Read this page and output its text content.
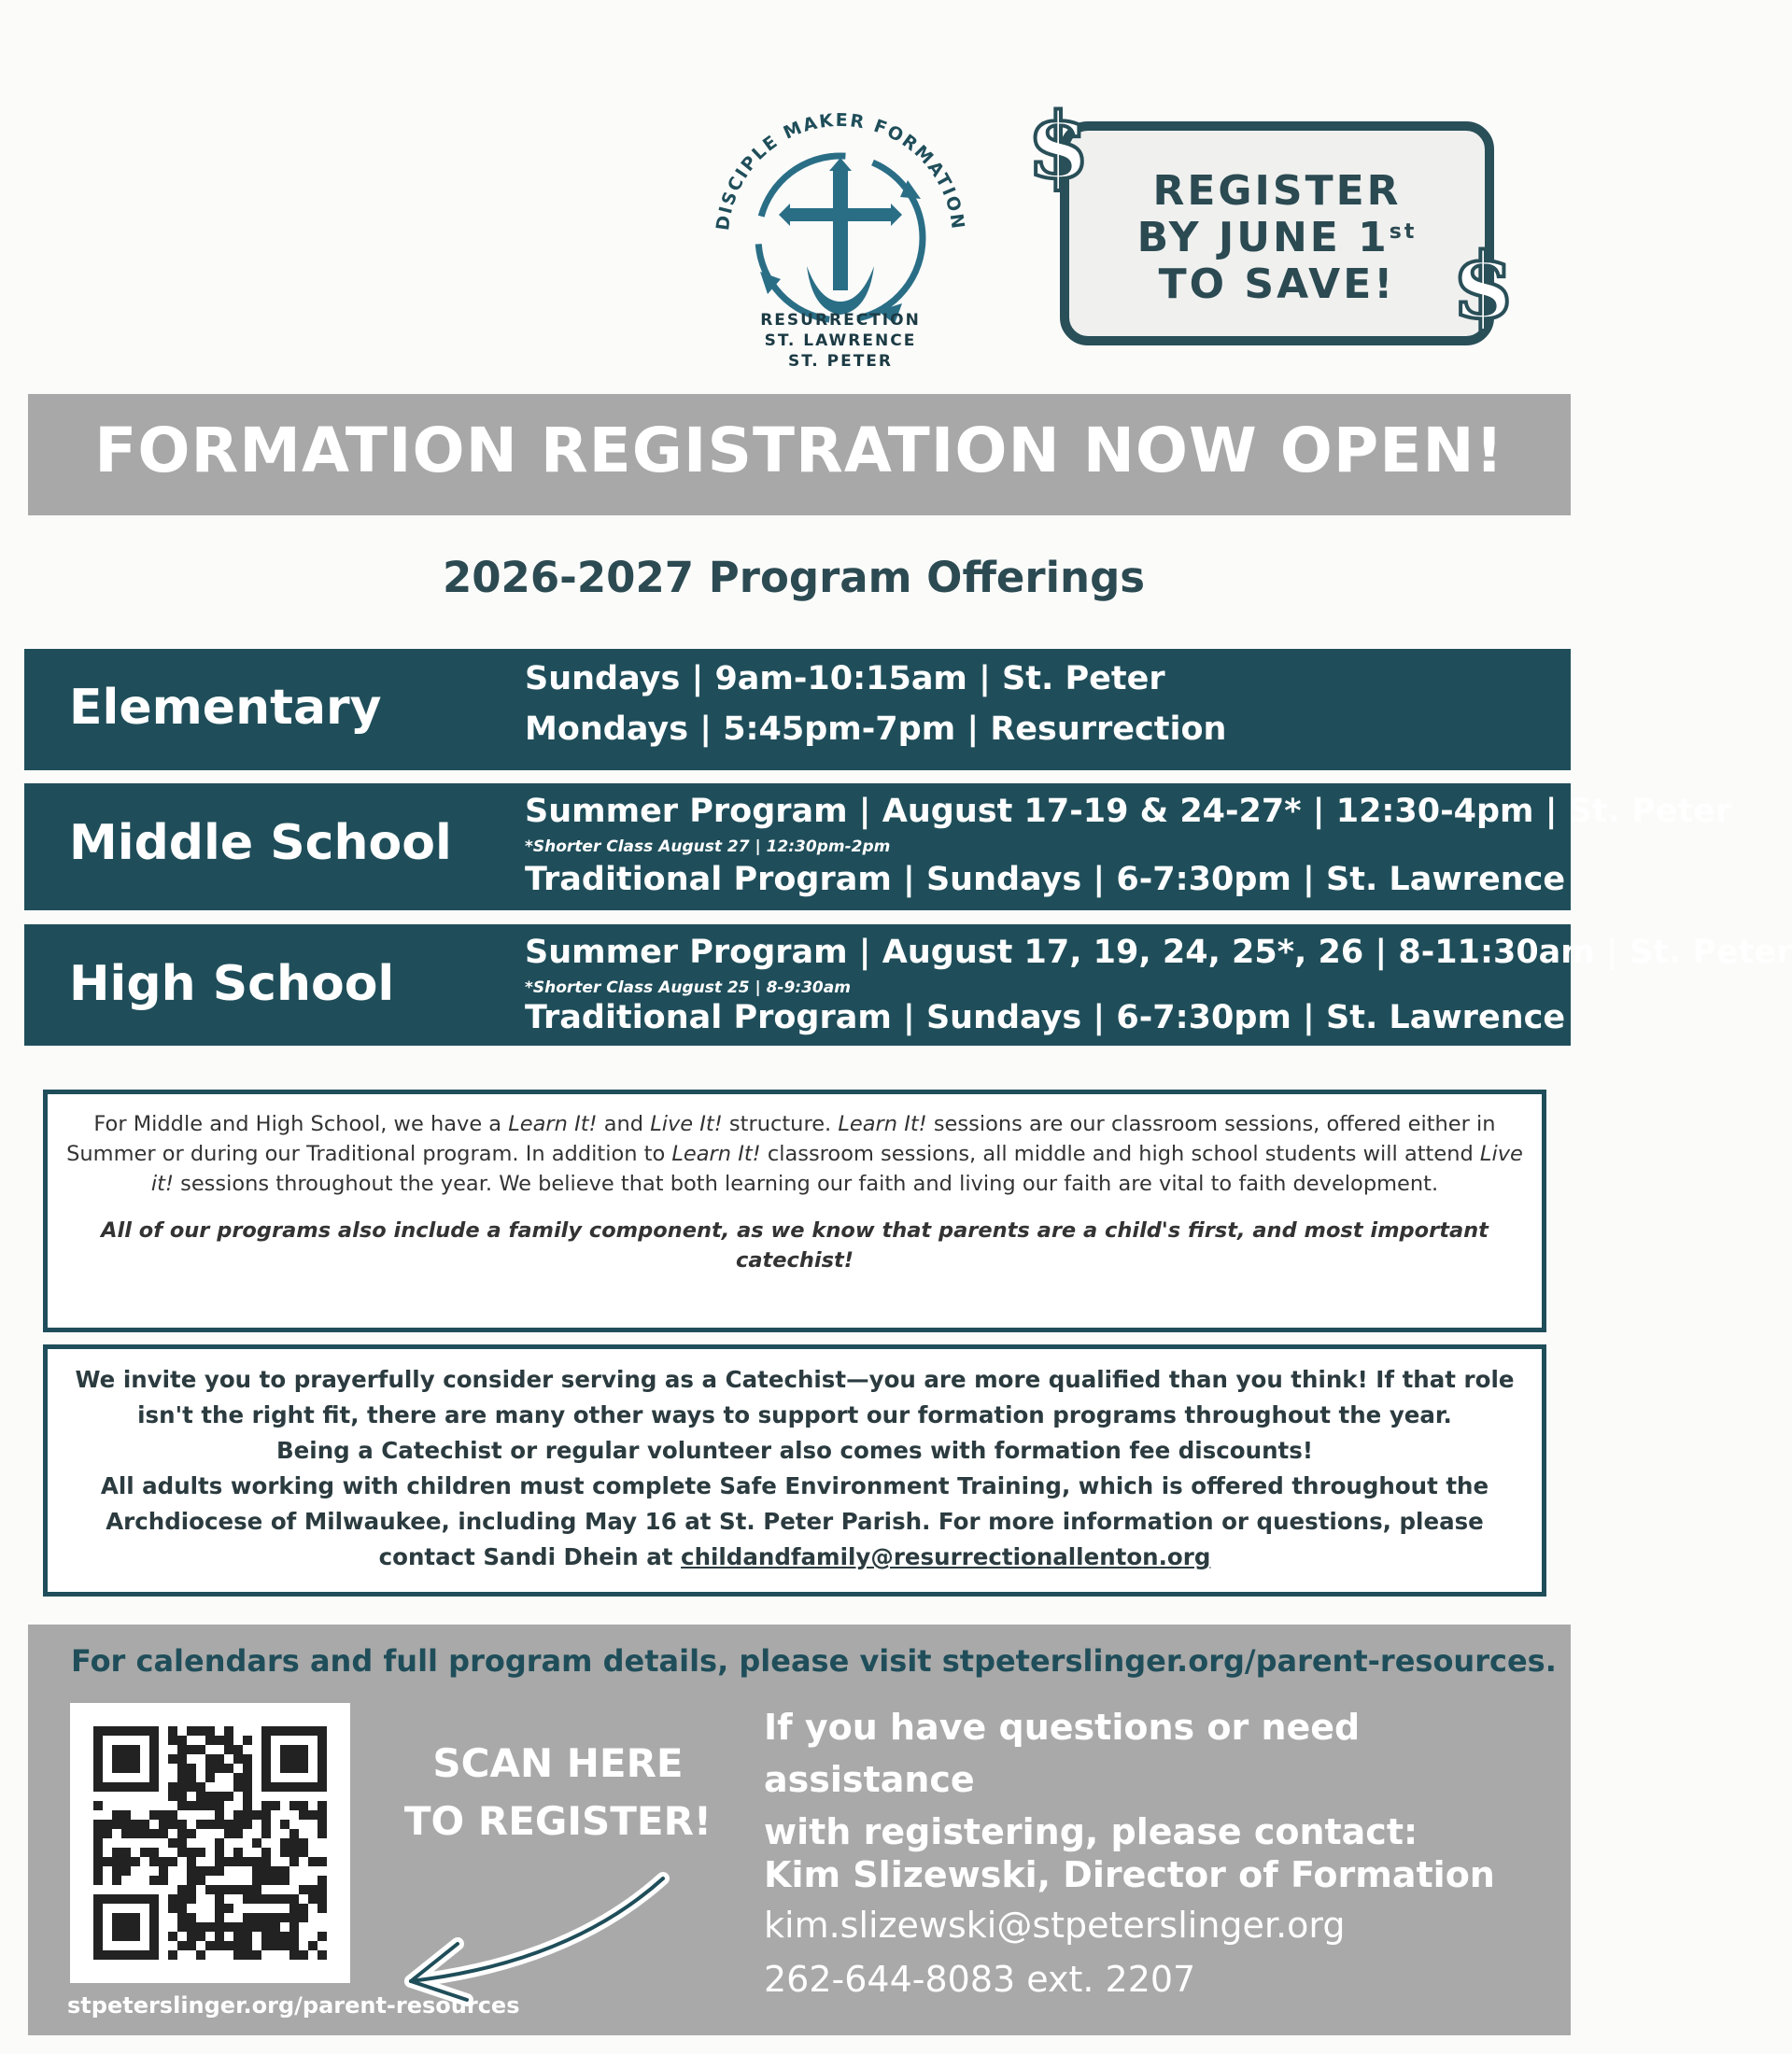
DISCIPLE MAKER FORMATION
RESURRECTION
ST. LAWRENCE
ST. PETER
REGISTER
BY JUNE 1st
TO SAVE!
$
$
FORMATION REGISTRATION NOW OPEN!
2026-2027 Program Offerings
Elementary
Sundays | 9am-10:15am | St. Peter
Mondays | 5:45pm-7pm | Resurrection
Middle School
Summer Program | August 17-19 & 24-27* | 12:30-4pm | St. Peter
*Shorter Class August 27 | 12:30pm-2pm
Traditional Program | Sundays | 6-7:30pm | St. Lawrence
High School
Summer Program | August 17, 19, 24, 25*, 26 | 8-11:30am | St. Peter
*Shorter Class August 25 | 8-9:30am
Traditional Program | Sundays | 6-7:30pm | St. Lawrence

For Middle and High School, we have a Learn It! and Live It! structure. Learn It! sessions are our classroom sessions, offered either in Summer or during our Traditional program. In addition to Learn It! classroom sessions, all middle and high school students will attend Live it! sessions throughout the year. We believe that both learning our faith and living our faith are vital to faith development.

All of our programs also include a family component, as we know that parents are a child's first, and most important catechist!

We invite you to prayerfully consider serving as a Catechist—you are more qualified than you think! If that role isn't the right fit, there are many other ways to support our formation programs throughout the year.

Being a Catechist or regular volunteer also comes with formation fee discounts!

All adults working with children must complete Safe Environment Training, which is offered throughout the Archdiocese of Milwaukee, including May 16 at St. Peter Parish. For more information or questions, please contact Sandi Dhein at childandfamily@resurrectionallenton.org

For calendars and full program details, please visit stpeterslinger.org/parent-resources.
stpeterslinger.org/parent-resources
SCAN HERE
TO REGISTER!
If you have questions or need assistance
with registering, please contact:
Kim Slizewski, Director of Formation
kim.slizewski@stpeterslinger.org
262-644-8083 ext. 2207
